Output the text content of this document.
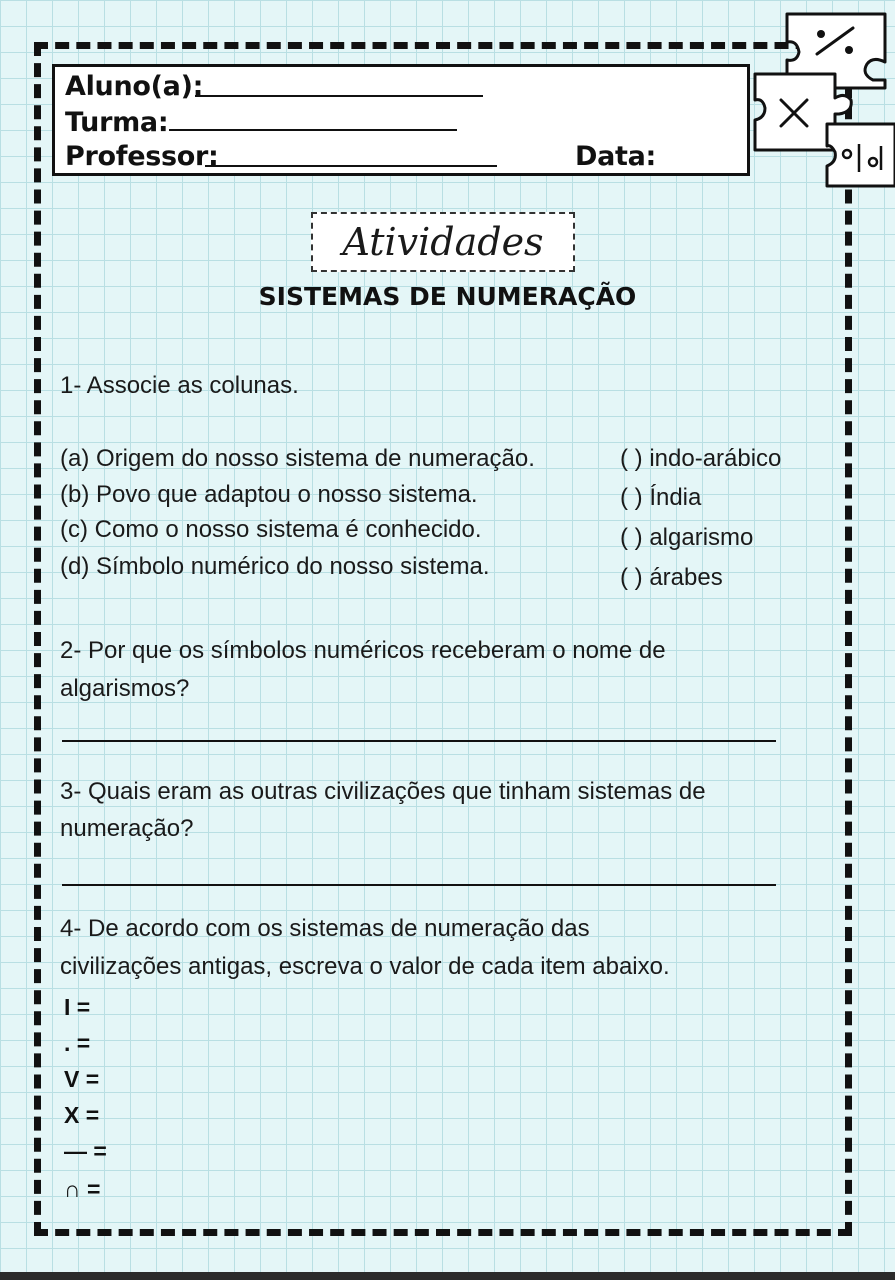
Aluno(a):
Turma:
Professor:	Data:
Atividades
SISTEMAS DE NUMERAÇÃO
1- Associe as colunas.
(a) Origem do nosso sistema de numeração.
(b) Povo que adaptou o nosso sistema.
(c) Como o nosso sistema é conhecido.
(d) Símbolo numérico do nosso sistema.
( ) indo-arábico
( ) Índia
( ) algarismo
( ) árabes
2- Por que os símbolos numéricos receberam o nome de
algarismos?
3- Quais eram as outras civilizações que tinham sistemas de
numeração?
4- De acordo com os sistemas de numeração das
civilizações antigas, escreva o valor de cada item abaixo.
I =
. =
V =
X =
— =
∩ =
